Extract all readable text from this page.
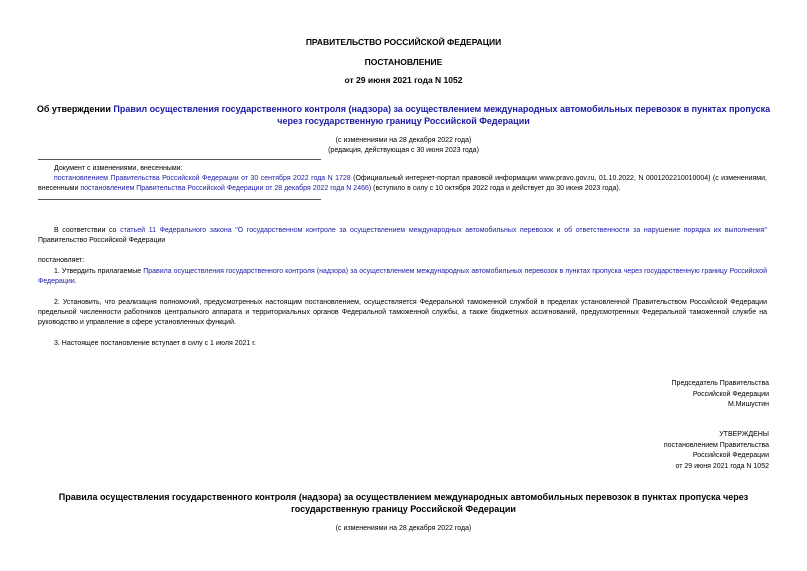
ПРАВИТЕЛЬСТВО РОССИЙСКОЙ ФЕДЕРАЦИИ
ПОСТАНОВЛЕНИЕ
от 29 июня 2021 года N 1052
Об утверждении Правил осуществления государственного контроля (надзора) за осуществлением международных автомобильных перевозок в пунктах пропуска
через государственную границу Российской Федерации
(с изменениями на 28 декабря 2022 года)
(редакция, действующая с 30 июня 2023 года)
Документ с изменениями, внесенными:
постановлением Правительства Российской Федерации от 30 сентября 2022 года N 1728 (Официальный интернет-портал правовой информации www.pravo.gov.ru, 01.10.2022, N 0001202210010004) (с изменениями, внесенными постановлением Правительства Российской Федерации от 28 декабря 2022 года N 2466) (вступило в силу с 10 октября 2022 года и действует до 30 июня 2023 года).
В соответствии со статьей 11 Федерального закона "О государственном контроле за осуществлением международных автомобильных перевозок и об ответственности за нарушение порядка их выполнения" Правительство Российской Федерации
постановляет:
1. Утвердить прилагаемые Правила осуществления государственного контроля (надзора) за осуществлением международных автомобильных перевозок в пунктах пропуска через государственную границу Российской Федерации.
2. Установить, что реализация полномочий, предусмотренных настоящим постановлением, осуществляется Федеральной таможенной службой в пределах установленной Правительством Российской Федерации предельной численности работников центрального аппарата и территориальных органов Федеральной таможенной службы, а также бюджетных ассигнований, предусмотренных Федеральной таможенной службе на руководство и управление в сфере установленных функций.
3. Настоящее постановление вступает в силу с 1 июля 2021 г.
Председатель Правительства
Российской Федерации
М.Мишустин
УТВЕРЖДЕНЫ
постановлением Правительства
Российской Федерации
от 29 июня 2021 года N 1052
Правила осуществления государственного контроля (надзора) за осуществлением международных автомобильных перевозок в пунктах пропуска через
государственную границу Российской Федерации
(с изменениями на 28 декабря 2022 года)
